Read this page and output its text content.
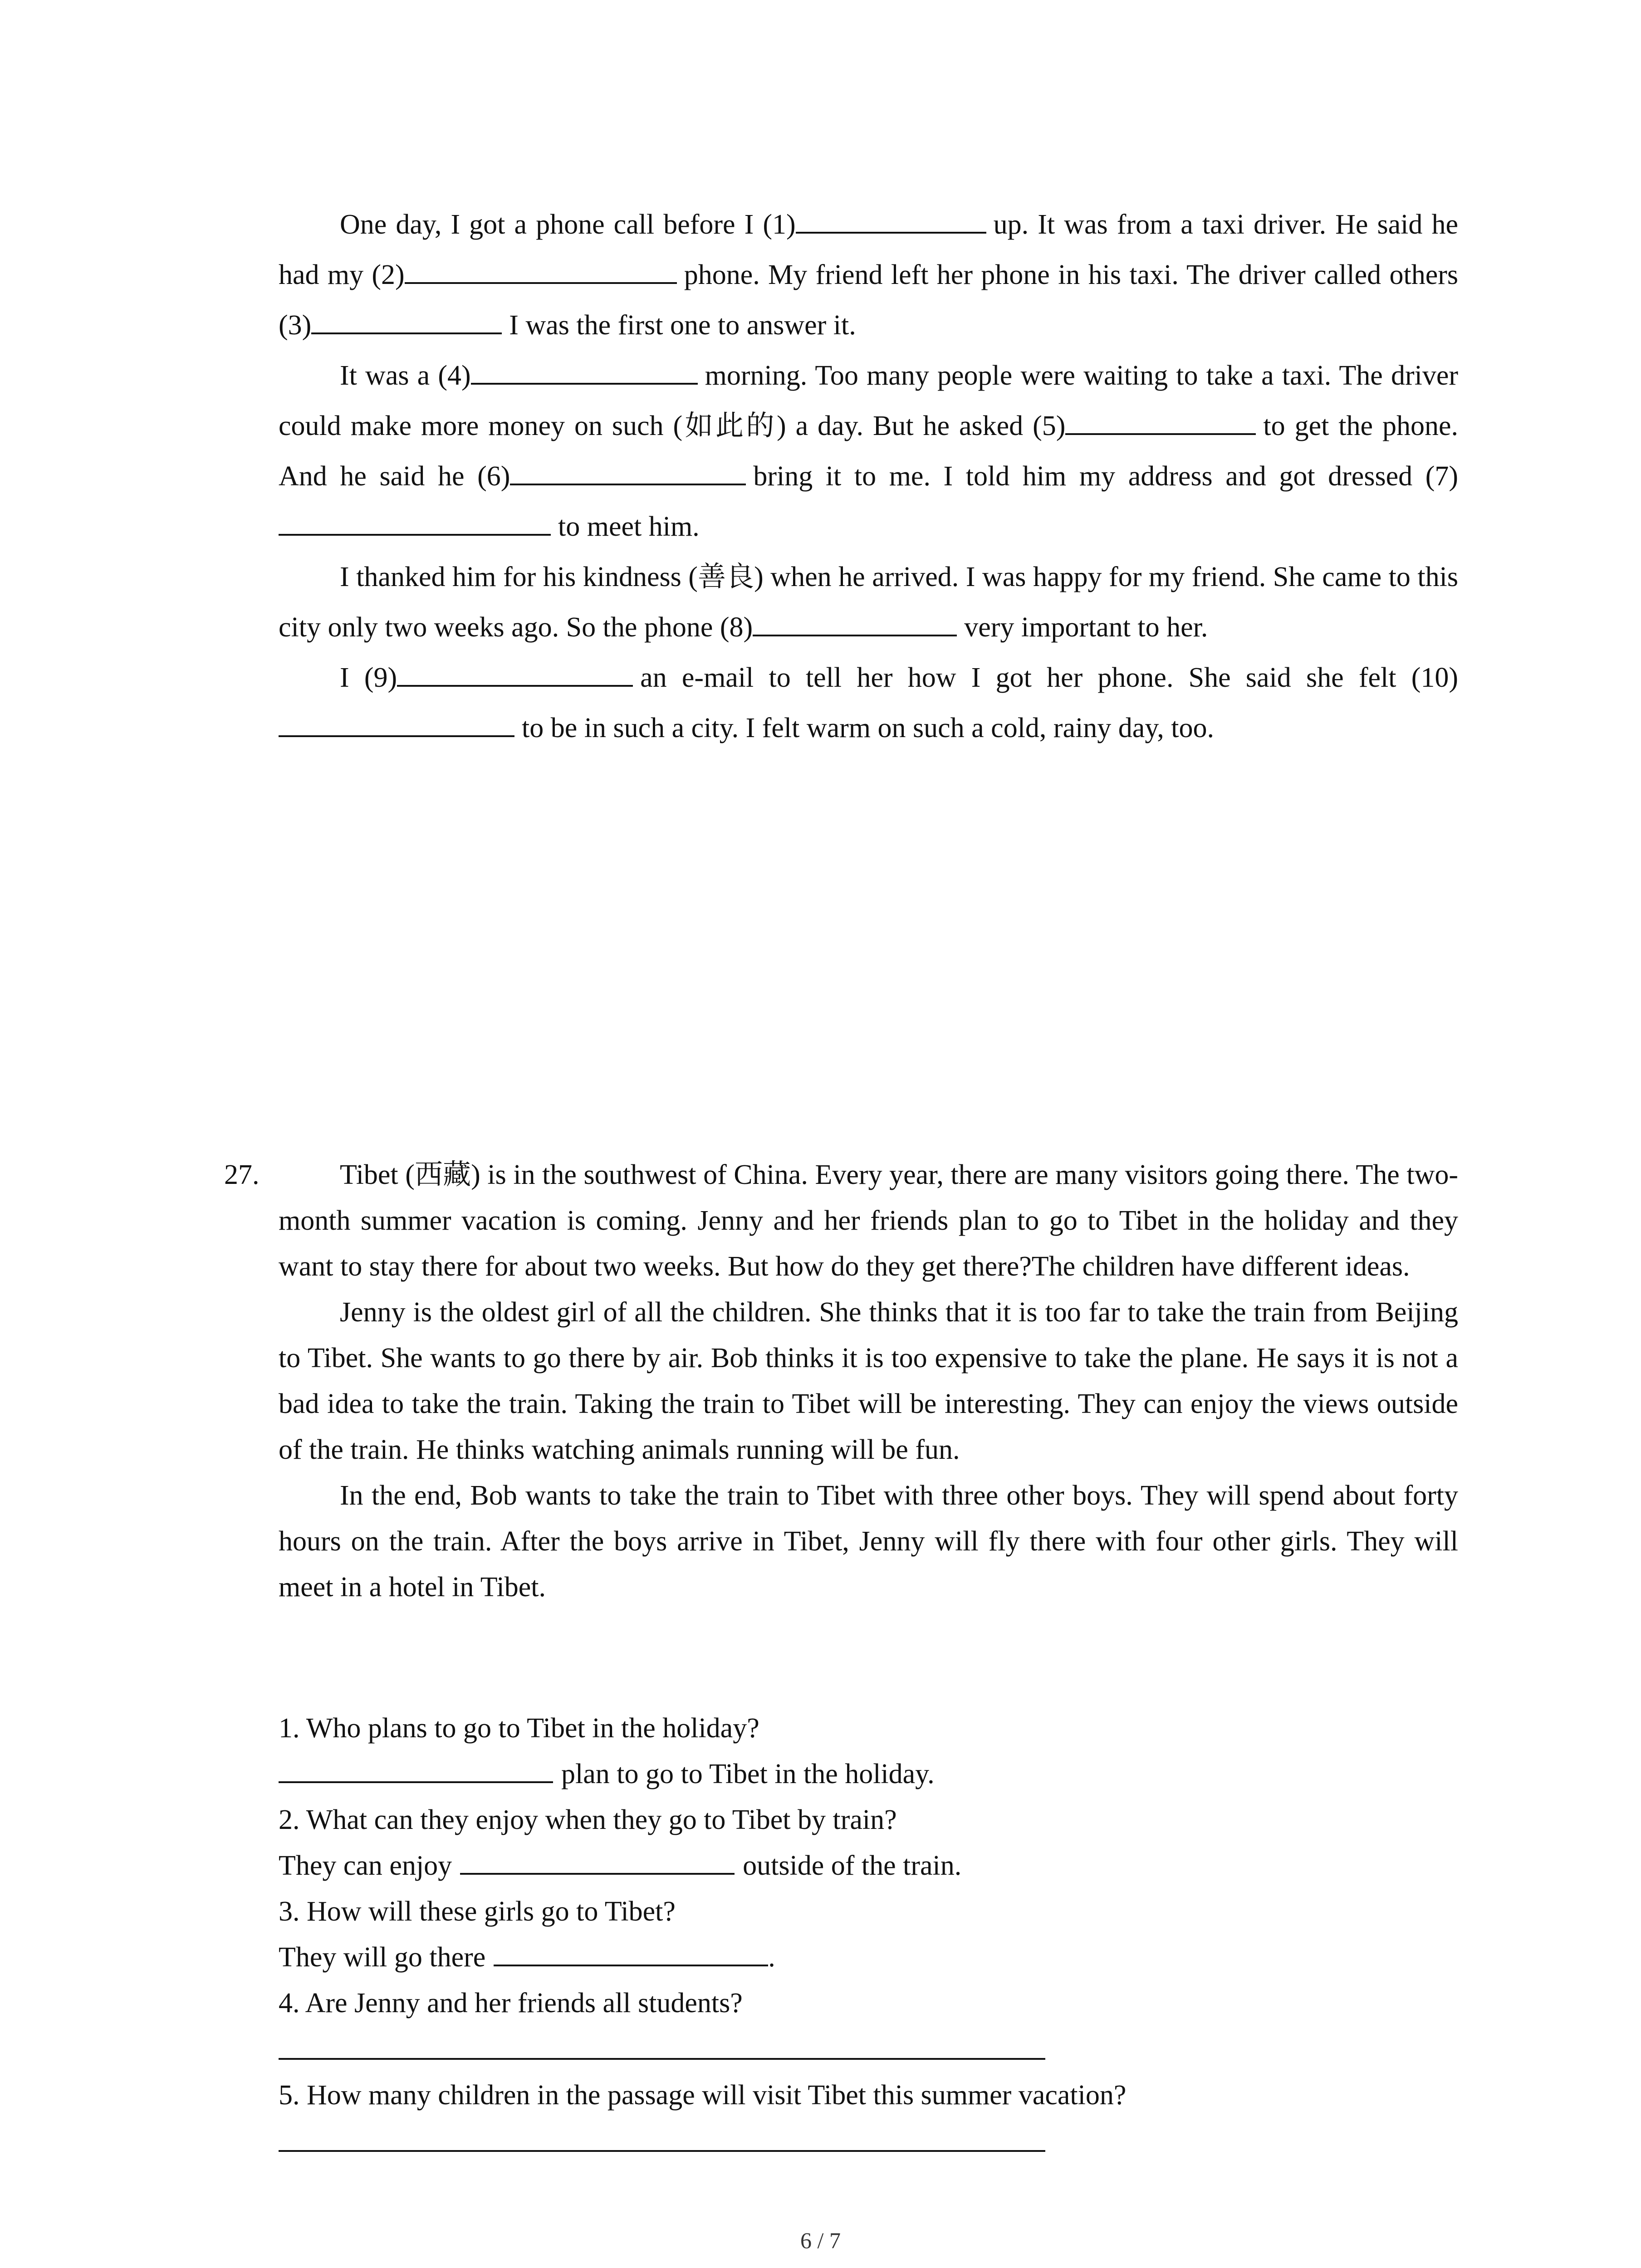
One day, I got a phone call before I (1)	up. It was from a taxi driver. He said he had my (2)	phone. My friend left her phone in his taxi. The driver called others (3)	I was the first one to answer it.

It was a (4)	morning. Too many people were waiting to take a taxi. The driver could make more money on such (如此的) a day. But he asked (5)	to get the phone. And he said he (6)	bring it to me. I told him my address and got dressed (7)to meet him.

I thanked him for his kindness (善良) when he arrived. I was happy for my friend. She came to this city only two weeks ago. So the phone (8)	very important to her.

I (9)	an e-mail to tell her how I got her phone. She said she felt (10)to be in such a city. I felt warm on such a cold, rainy day, too.

27.	Tibet (西藏) is in the southwest of China. Every year, there are many visitors going there. The two-month summer vacation is coming. Jenny and her friends plan to go to Tibet in the holiday and they want to stay there for about two weeks. But how do they get there?The children have different ideas.

Jenny is the oldest girl of all the children. She thinks that it is too far to take the train from Beijing to Tibet. She wants to go there by air. Bob thinks it is too expensive to take the plane. He says it is not a bad idea to take the train. Taking the train to Tibet will be interesting. They can enjoy the views outside of the train. He thinks watching animals running will be fun.

In the end, Bob wants to take the train to Tibet with three other boys. They will spend about forty hours on the train. After the boys arrive in Tibet, Jenny will fly there with four other girls. They will meet in a hotel in Tibet.

1. Who plans to go to Tibet in the holiday?
plan to go to Tibet in the holiday.
2. What can they enjoy when they go to Tibet by train?
They can enjoy	outside of the train.
3. How will these girls go to Tibet?
They will go there	.
4. Are Jenny and her friends all students?
5. How many children in the passage will visit Tibet this summer vacation?
6 / 7
